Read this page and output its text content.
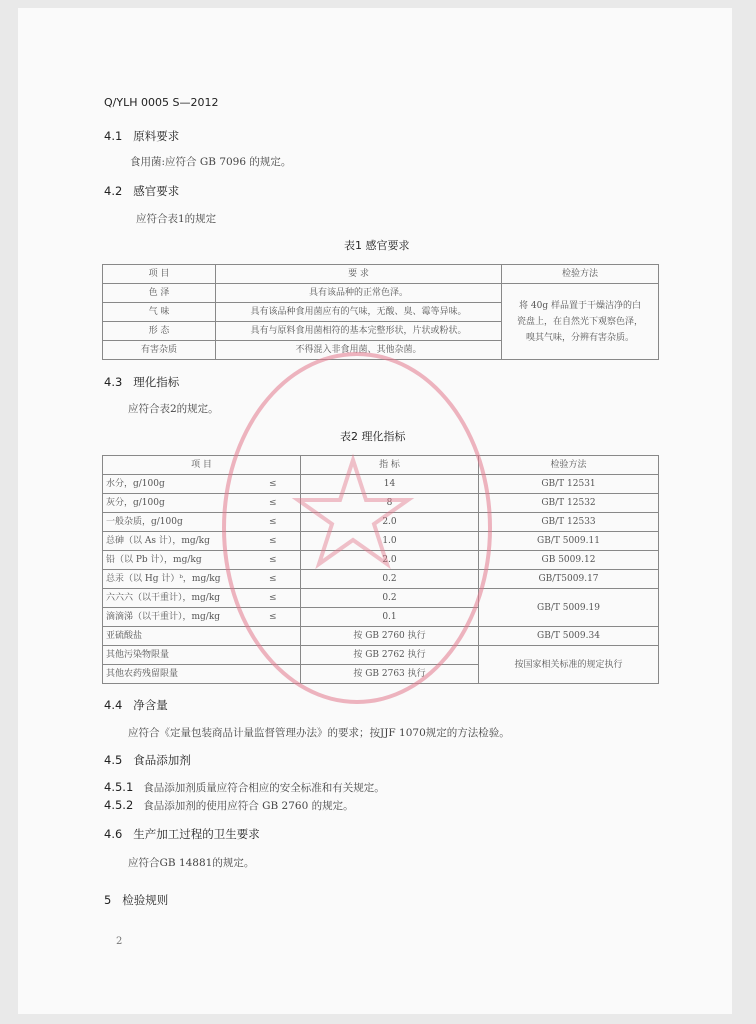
Q/YLH 0005 S—2012
4.1 原料要求
食用菌:应符合 GB 7096 的规定。
4.2 感官要求
应符合表1的规定
表1 感官要求
项 目	要 求	检验方法
色 泽	具有该品种的正常色泽。	将 40g 样品置于干燥洁净的白
瓷盘上，在自然光下观察色泽，
嗅其气味，分辨有害杂质。

气 味	具有该品种食用菌应有的气味，无酸、臭、霉等异味。	
形 态	具有与原料食用菌相符的基本完整形状，片状或粉状。	
有害杂质	不得混入非食用菌、其他杂菌。	
4.3 理化指标
应符合表2的规定。
表2 理化指标
项 目		指 标	检验方法
水分，g/100g	≤	14	GB/T 12531
灰分，g/100g	≤	8	GB/T 12532
一般杂质，g/100g	≤	2.0	GB/T 12533
总砷（以 As 计），mg/kg	≤	1.0	GB/T 5009.11
铅（以 Pb 计），mg/kg	≤	2.0	GB 5009.12
总汞（以 Hg 计）ᵇ，mg/kg	≤	0.2	GB/T5009.17
六六六（以干重计），mg/kg	≤	0.2	GB/T 5009.19
滴滴涕（以干重计），mg/kg	≤	0.1	
亚硫酸盐		按 GB 2760 执行	GB/T 5009.34
其他污染物限量		按 GB 2762 执行	按国家相关标准的规定执行
其他农药残留限量		按 GB 2763 执行	
4.4 净含量
应符合《定量包装商品计量监督管理办法》的要求；按JJF 1070规定的方法检验。
4.5 食品添加剂
4.5.1 食品添加剂质量应符合相应的安全标准和有关规定。
4.5.2 食品添加剂的使用应符合 GB 2760 的规定。
4.6 生产加工过程的卫生要求
应符合GB 14881的规定。
5 检验规则
2
